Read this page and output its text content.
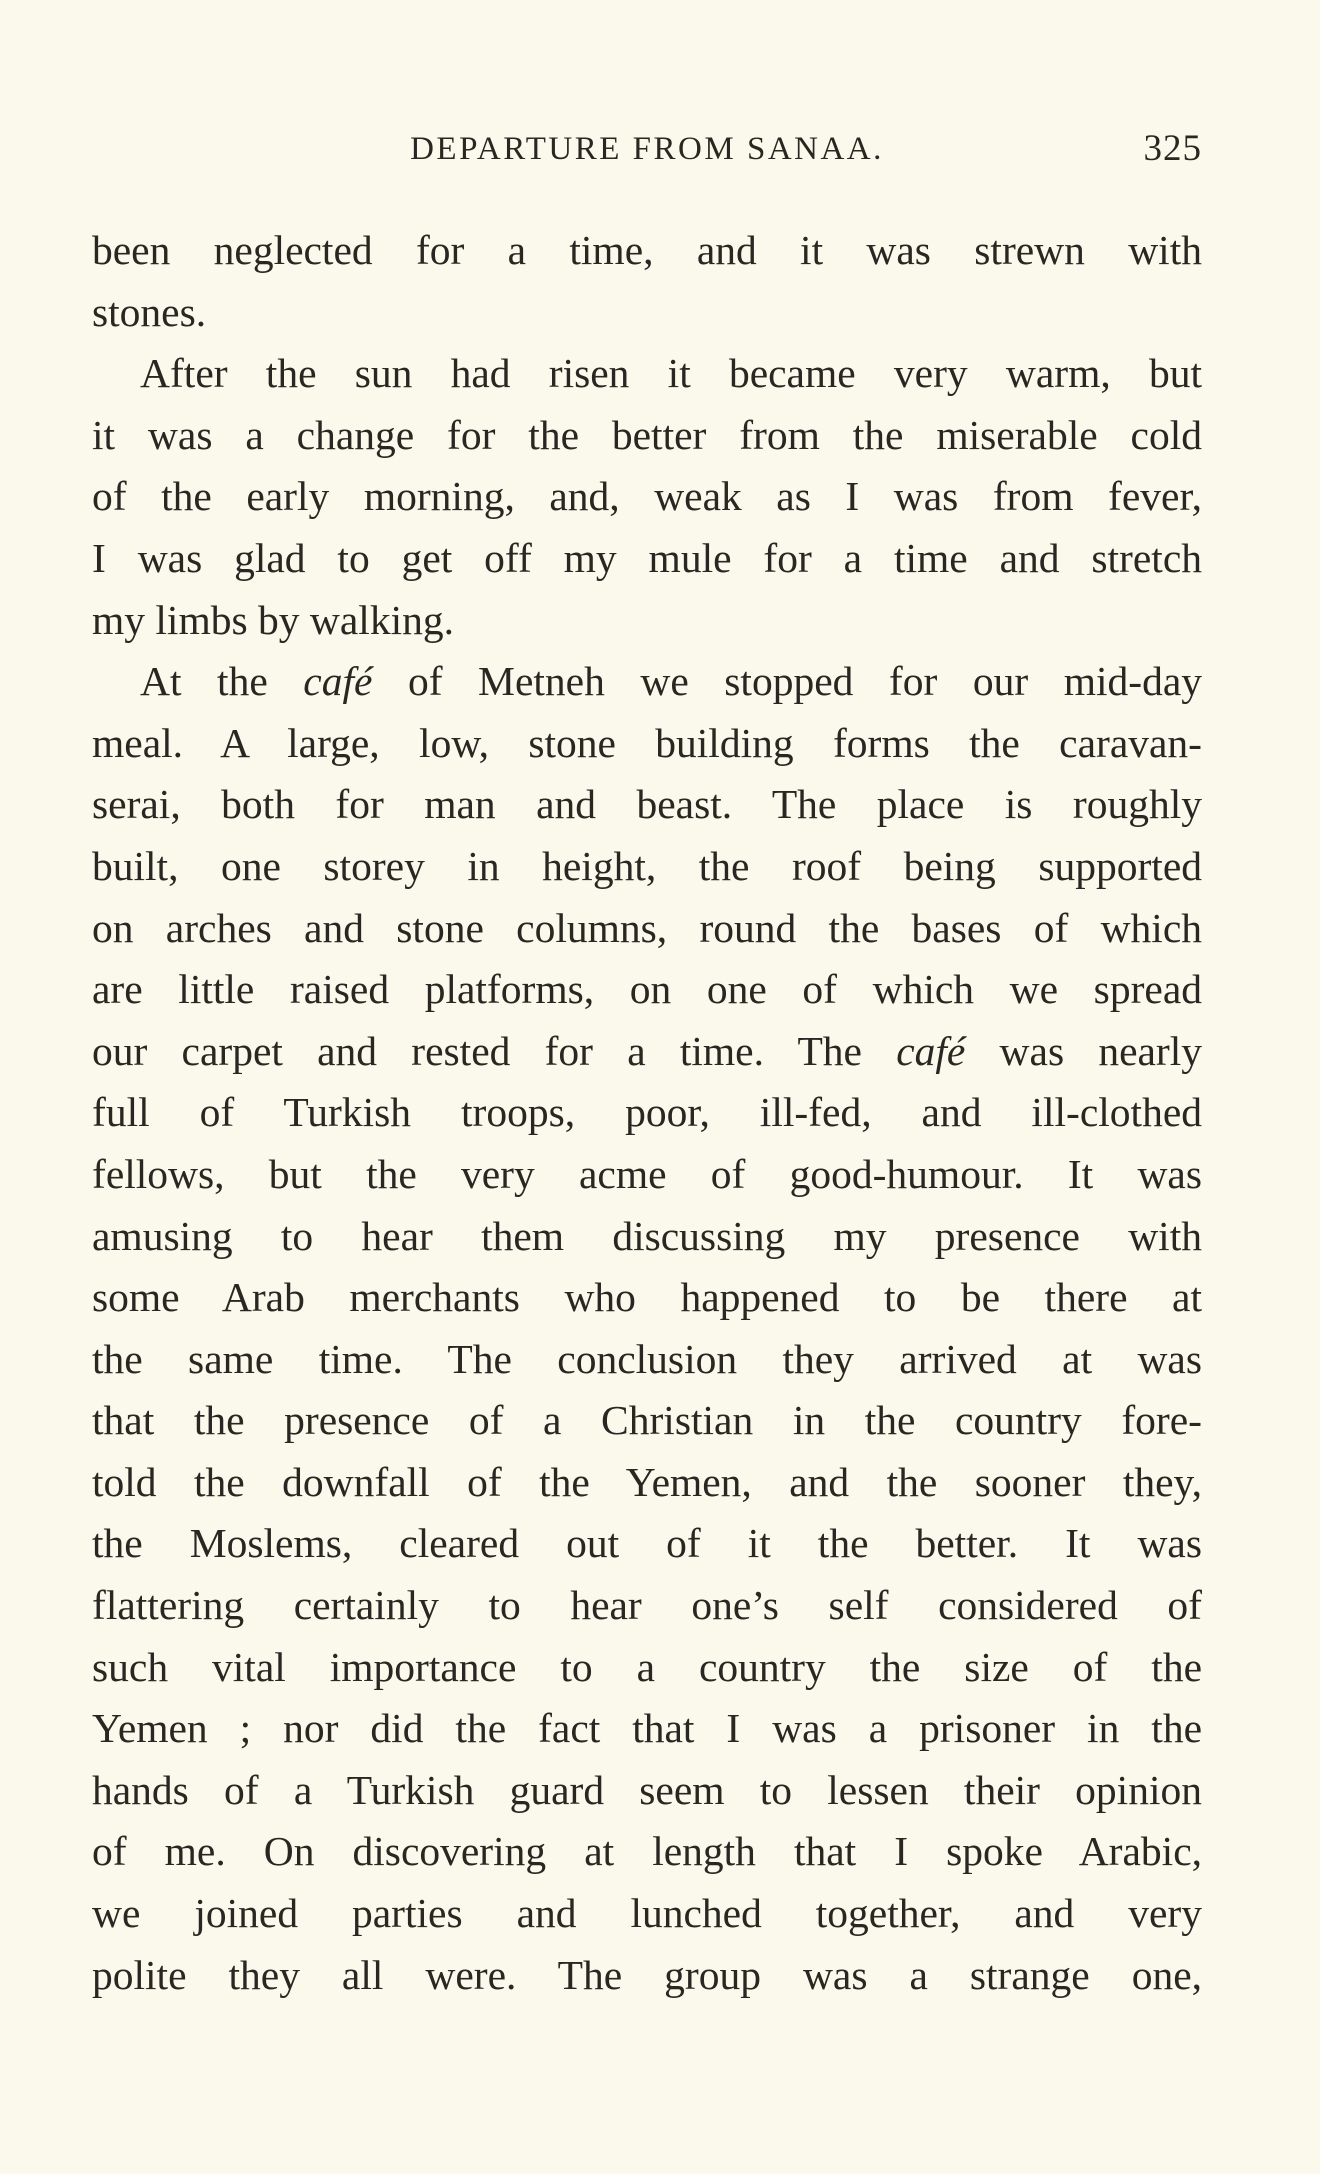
DEPARTURE FROM SANAA.	325
been neglected for a time, and it was strewn with
stones.
After the sun had risen it became very warm, but
it was a change for the better from the miserable cold
of the early morning, and, weak as I was from fever,
I was glad to get off my mule for a time and stretch
my limbs by walking.
At the café of Metneh we stopped for our mid-day
meal. A large, low, stone building forms the caravan-
serai, both for man and beast. The place is roughly
built, one storey in height, the roof being supported
on arches and stone columns, round the bases of which
are little raised platforms, on one of which we spread
our carpet and rested for a time. The café was nearly
full of Turkish troops, poor, ill-fed, and ill-clothed
fellows, but the very acme of good-humour. It was
amusing to hear them discussing my presence with
some Arab merchants who happened to be there at
the same time. The conclusion they arrived at was
that the presence of a Christian in the country fore-
told the downfall of the Yemen, and the sooner they,
the Moslems, cleared out of it the better. It was
flattering certainly to hear one’s self considered of
such vital importance to a country the size of the
Yemen ; nor did the fact that I was a prisoner in the
hands of a Turkish guard seem to lessen their opinion
of me. On discovering at length that I spoke Arabic,
we joined parties and lunched together, and very
polite they all were. The group was a strange one,
